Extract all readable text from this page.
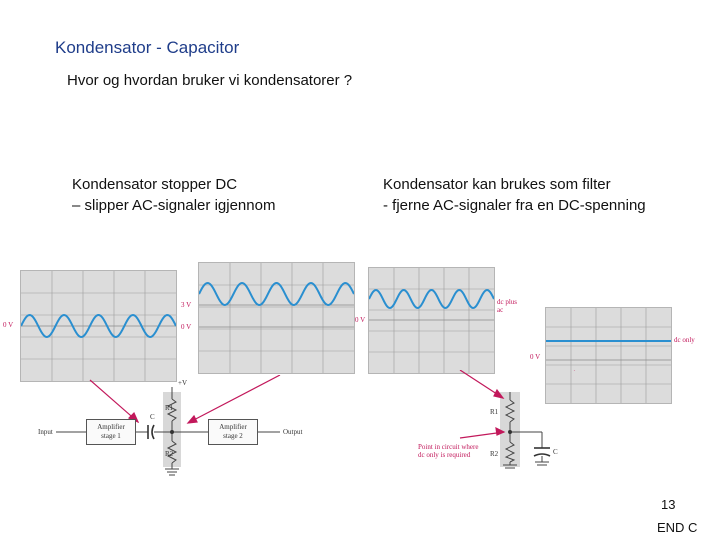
Kondensator - Capacitor
Hvor og hvordan bruker vi kondensatorer ?
Kondensator stopper DC
– slipper AC-signaler igjennom
Kondensator kan brukes som filter
- fjerne AC-signaler fra en DC-spenning
0 V
3 V
0 V
+V
Input
Amplifier
stage 1
Amplifier
stage 2	Output
C
R1
R2
dc plus
ac
0 V
dc only
0 V
R1
R2
Point in circuit where
dc only is required	C
13
END C
